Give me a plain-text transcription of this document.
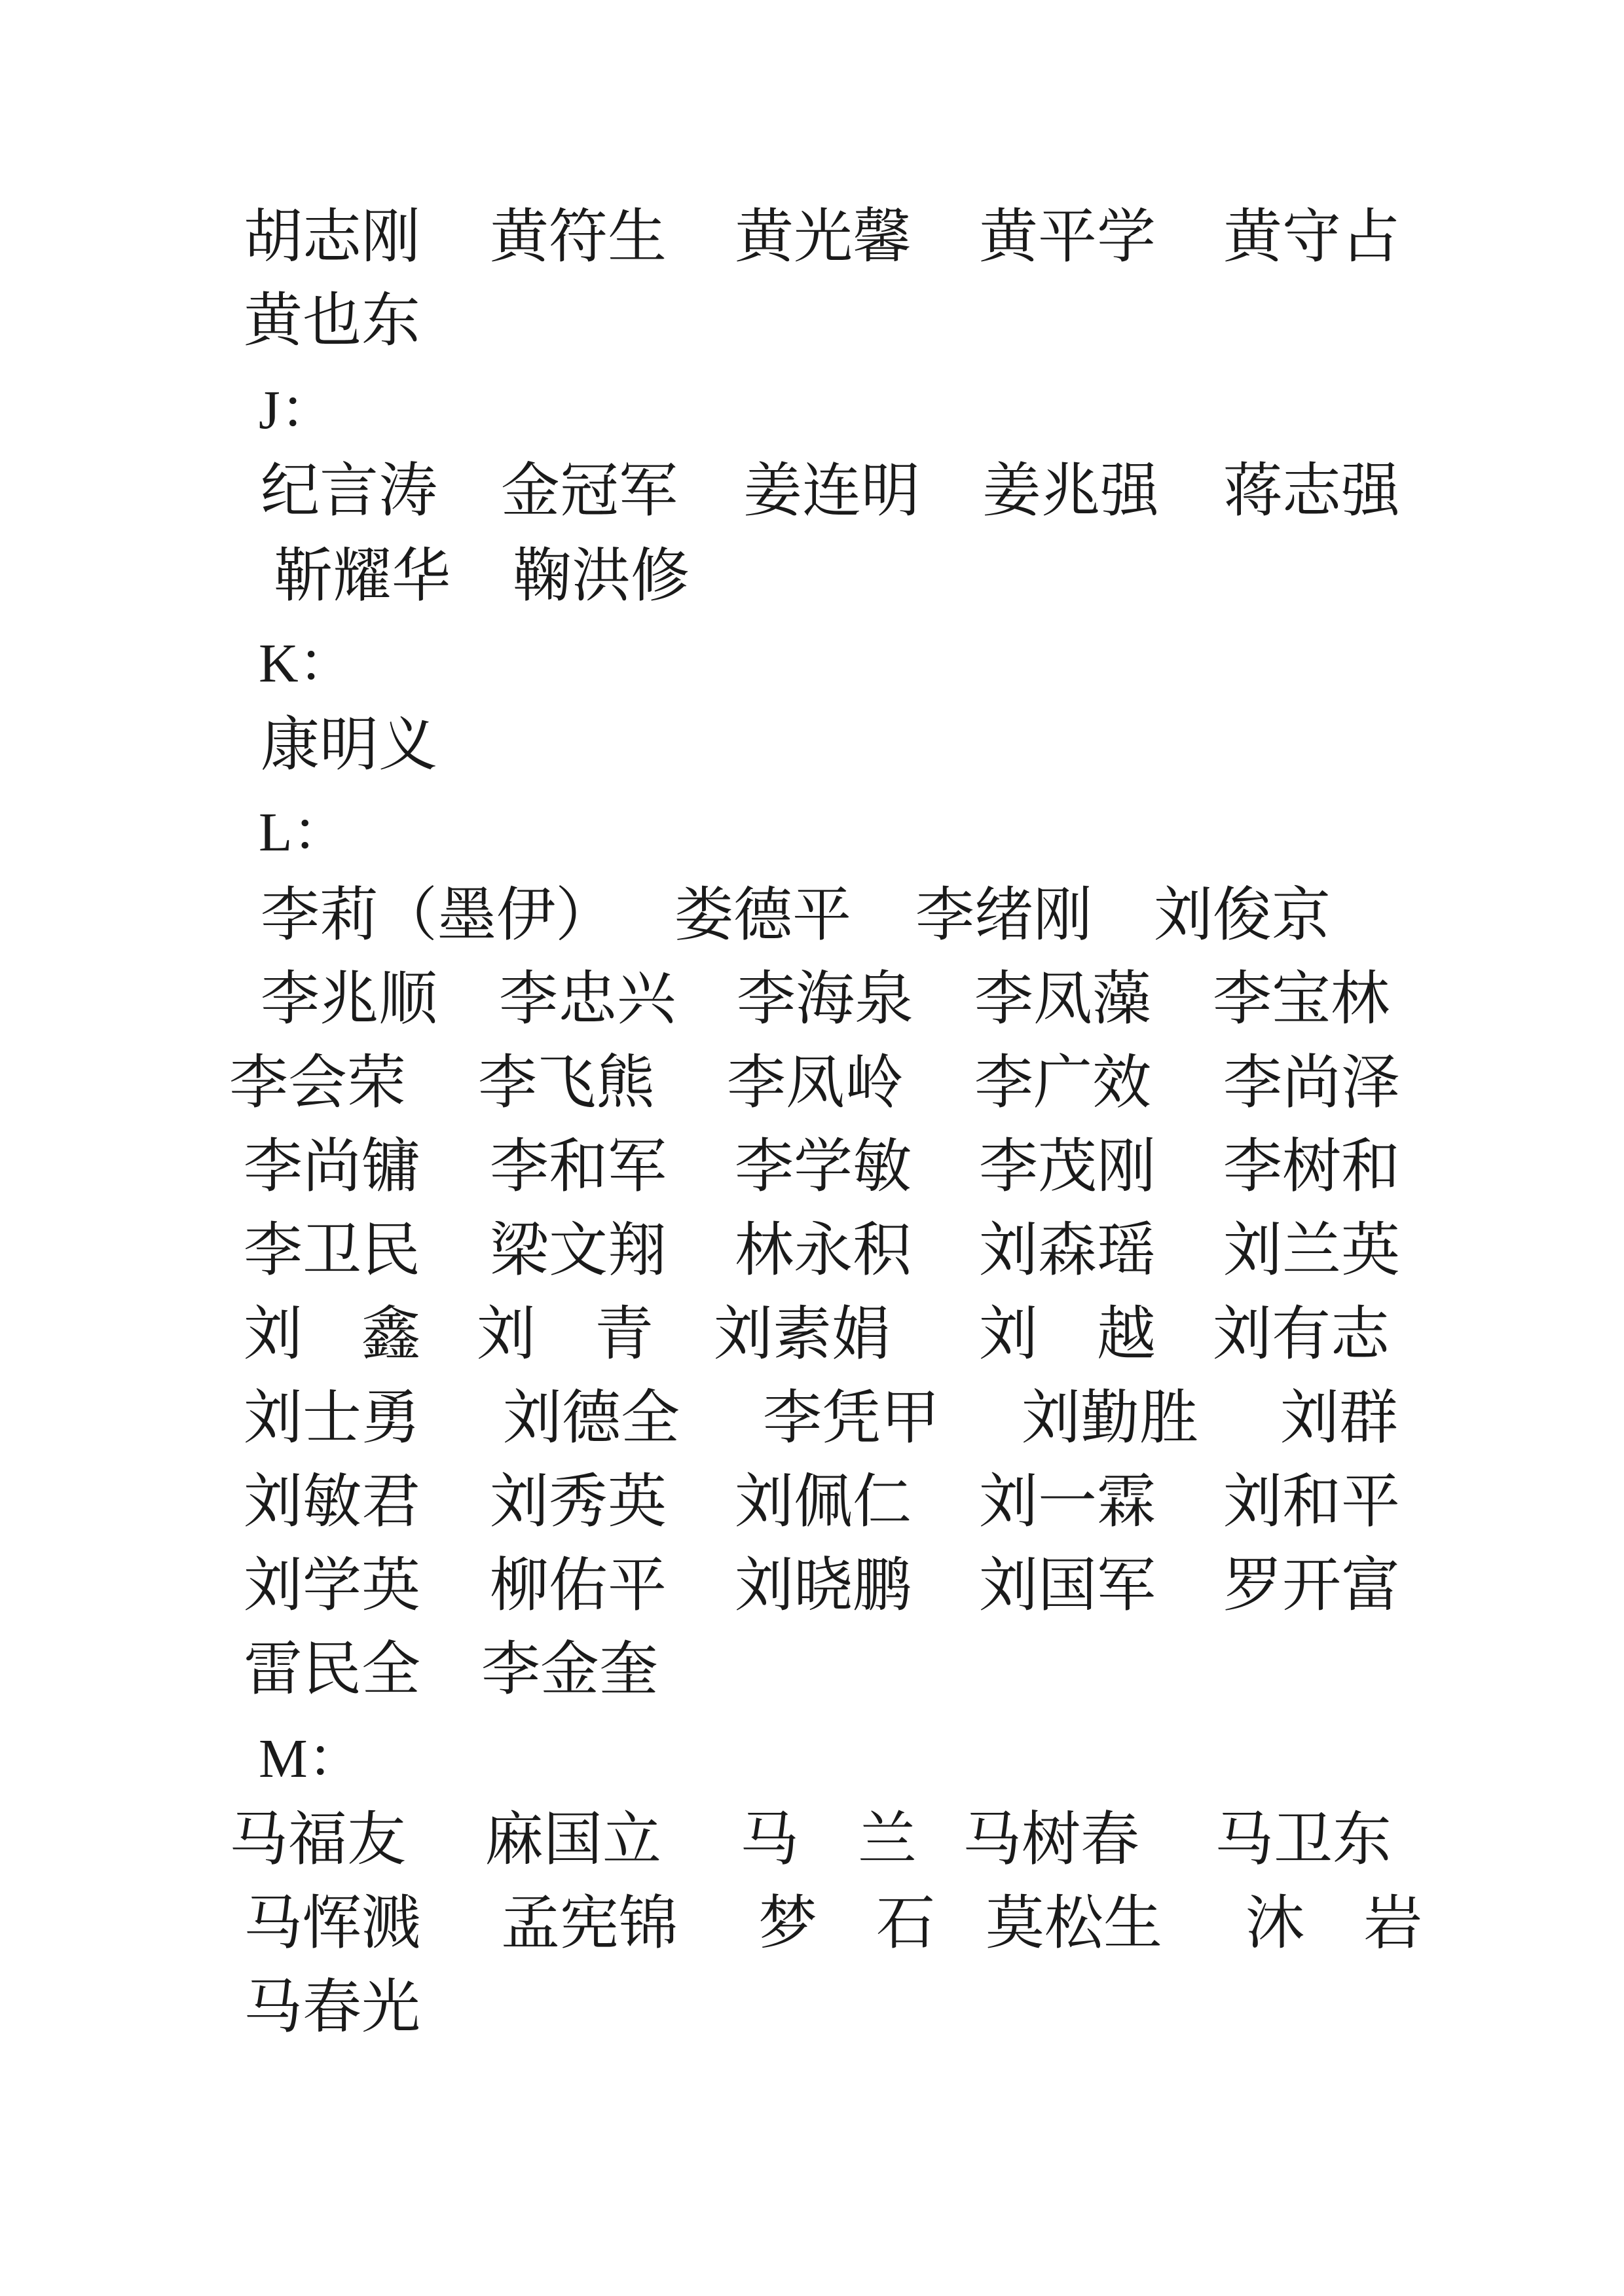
胡志刚 黄符生 黄光馨 黄平学 黄守占
黄也东
J：
纪言涛 金冠军 姜连明 姜兆强 蒋志强
靳耀华 鞠洪修
K：
康明义
L：
李莉（墨伊） 娄德平 李绪刚 刘俊京
李兆顺 李忠兴 李海泉 李凤藻 李宝林
李会荣 李飞熊 李凤岭 李广效 李尚泽
李尚镛 李和军 李学敏 李茂刚 李树和
李卫民 梁文翔 林永积 刘森瑶 刘兰英
刘　鑫 刘　青 刘素娟 刘　越 刘有志
刘士勇 刘德全 李凭甲 刘勤胜 刘群
刘敏君 刘秀英 刘佩仁 刘一霖 刘和平
刘学英 柳佑平 刘晓鹏 刘国军 罗开富
雷民全 李金奎
M：
马福友 麻国立 马　兰 马树春 马卫东
马恽溅 孟宪锦 梦　石 莫松生 沐　岩
马春光
